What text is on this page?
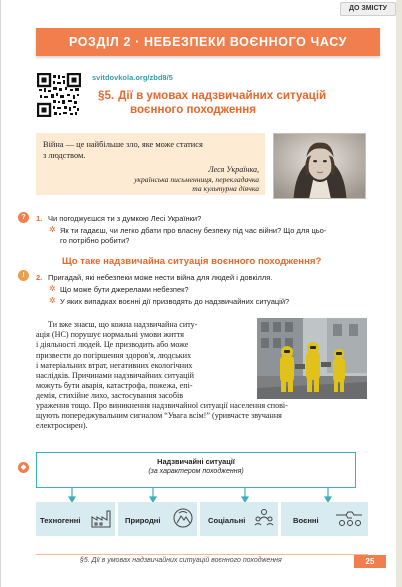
ДО ЗМІСТУ
РОЗДІЛ 2 · НЕБЕЗПЕКИ ВОЄННОГО ЧАСУ
svitdovkola.org/zbd8/5
§5. Дії в умовах надзвичайних ситуацій
воєнного походження
Війна — це найбільше зло, яке може статися
з людством.
Леся Українка,
українська письменниця, перекладачка
та культурна діячка
?	1. Чи погоджуєшся ти з думкою Лесі Українки?
✲ Як ти гадаєш, чи легко дбати про власну безпеку під час війни? Що для цьо-
го потрібно робити?
Що таке надзвичайна ситуація воєнного походження?
!	2. Пригадай, які небезпеки може нести війна для людей і довкілля.
✲ Що може бути джерелами небезпек?
✲ У яких випадках воєнні дії призводять до надзвичайних ситуацій?
Ти вже знаєш, що кожна надзвичайна ситу-
ація (НС) порушує нормальні умови життя
і діяльності людей. Це призводить або може
призвести до погіршення здоров'я, людських
і матеріальних втрат, негативних екологічних
наслідків. Причинами надзвичайних ситуацій
можуть бути аварія, катастрофа, пожежа, епі-
демія, стихійне лихо, застосування засобів
ураження тощо. Про виникнення надзвичайної ситуації населення сповi-
щують попереджувальним сигналом “Увага всім!” (уривчасте звучання
електросирен).
Надзвичайні ситуації
(за характером походження)
Техногенні	Природні	Соціальні	Воєнні
◆
§5. Дії в умовах надзвичайних ситуацій воєнного походження	25
